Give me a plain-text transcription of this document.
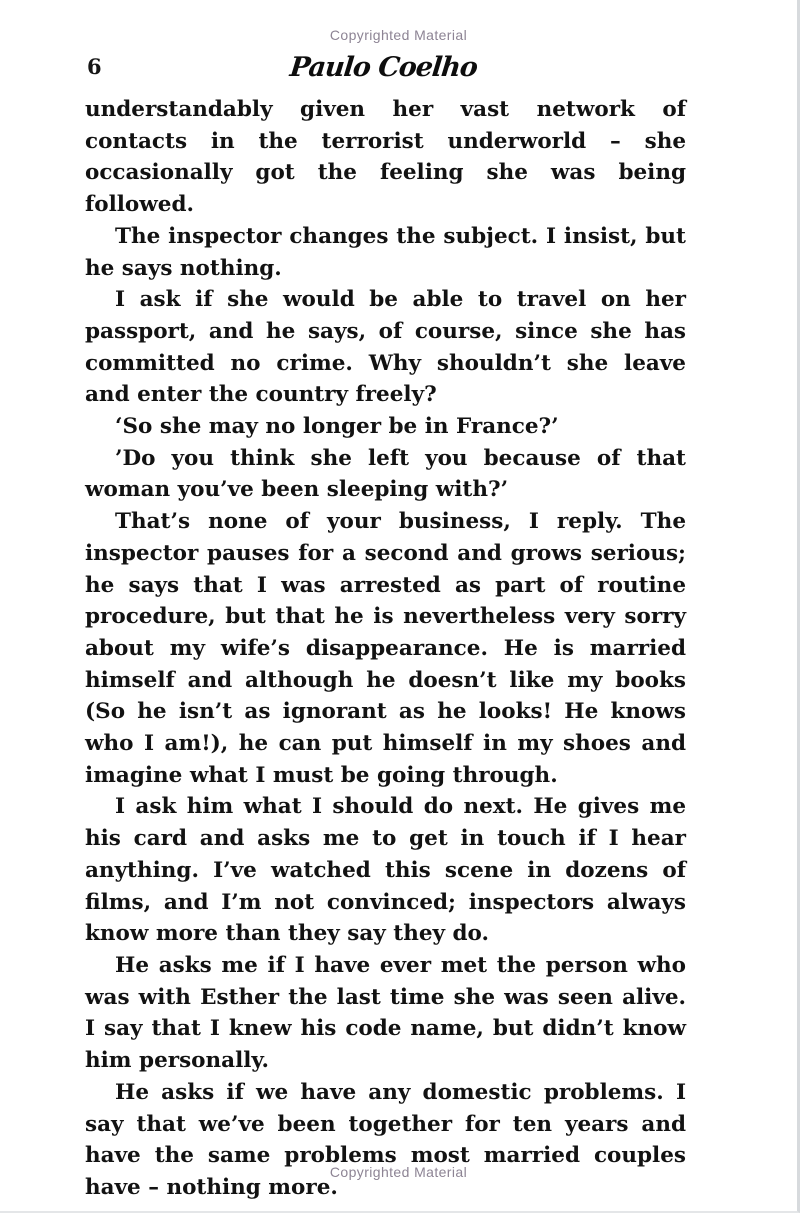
Copyrighted Material
6	Paulo Coelho

understandably given her vast network of contacts in the terrorist underworld – she occasionally got the feeling she was being followed.

The inspector changes the subject. I insist, but he says nothing.

I ask if she would be able to travel on her passport, and he says, of course, since she has committed no crime. Why shouldn’t she leave and enter the country freely?

‘So she may no longer be in France?’

’Do you think she left you because of that woman you’ve been sleeping with?’

That’s none of your business, I reply. The inspector pauses for a second and grows serious; he says that I was arrested as part of routine procedure, but that he is nevertheless very sorry about my wife’s disappearance. He is married himself and although he doesn’t like my books (So he isn’t as ignorant as he looks! He knows who I am!), he can put himself in my shoes and imagine what I must be going through.

I ask him what I should do next. He gives me his card and asks me to get in touch if I hear anything. I’ve watched this scene in dozens of films, and I’m not convinced; inspectors always know more than they say they do.

He asks me if I have ever met the person who was with Esther the last time she was seen alive. I say that I knew his code name, but didn’t know him personally.

He asks if we have any domestic problems. I say that we’ve been together for ten years and have the same problems most married couples have – nothing more.

Copyrighted Material
